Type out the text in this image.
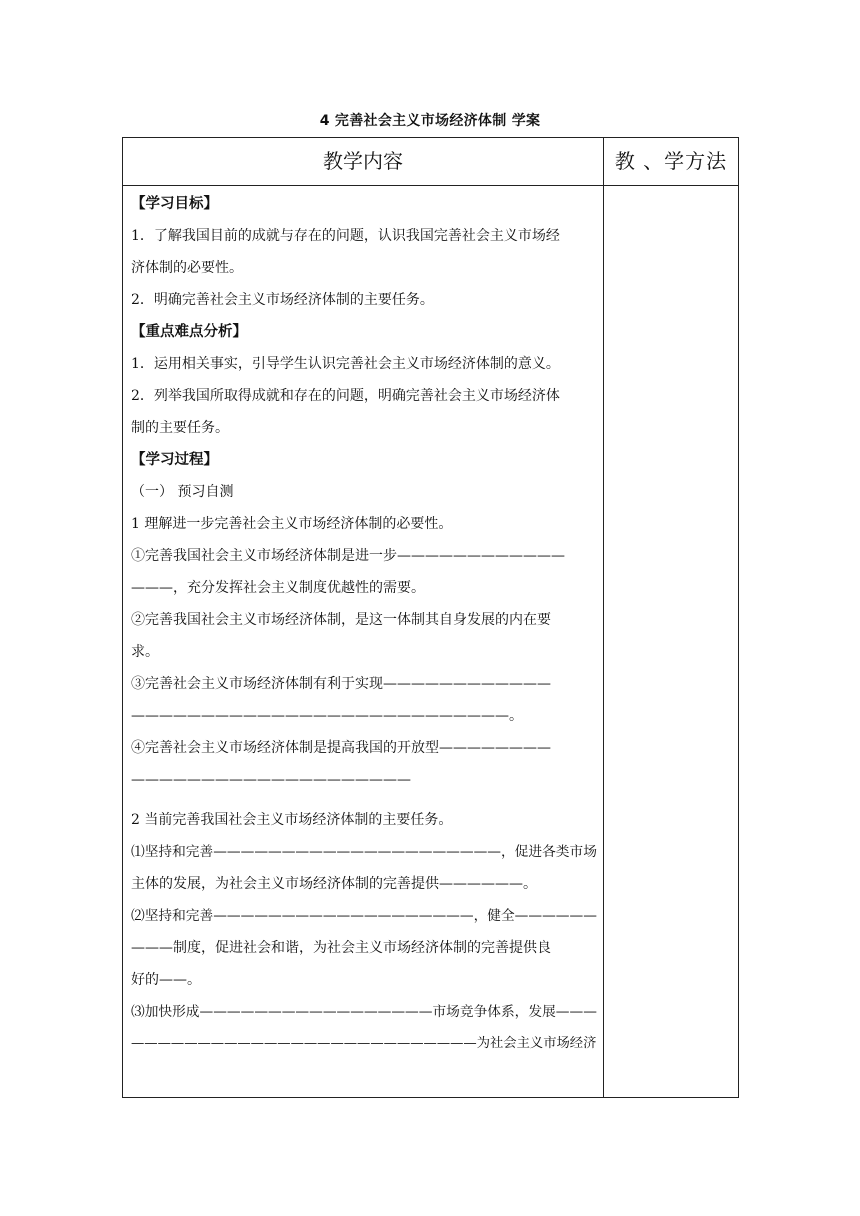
4 完善社会主义市场经济体制 学案
教学内容	教 、学方法

【学习目标】

1．了解我国目前的成就与存在的问题，认识我国完善社会主义市场经

济体制的必要性。

2．明确完善社会主义市场经济体制的主要任务。

【重点难点分析】

1．运用相关事实，引导学生认识完善社会主义市场经济体制的意义。

2．列举我国所取得成就和存在的问题，明确完善社会主义市场经济体

制的主要任务。

【学习过程】

（一） 预习自测

1 理解进一步完善社会主义市场经济体制的必要性。

①完善我国社会主义市场经济体制是进一步————————————

———，充分发挥社会主义制度优越性的需要。

②完善我国社会主义市场经济体制，是这一体制其自身发展的内在要

求。

③完善社会主义市场经济体制有利于实现————————————

———————————————————————————。

④完善社会主义市场经济体制是提高我国的开放型————————

————————————————————

2 当前完善我国社会主义市场经济体制的主要任务。

⑴坚持和完善—————————————————————，促进各类市场

主体的发展，为社会主义市场经济体制的完善提供——————。

⑵坚持和完善———————————————————，健全——————

———制度，促进社会和谐，为社会主义市场经济体制的完善提供良

好的——。

⑶加快形成—————————————————市场竞争体系，发展———

——————————————————————————为社会主义市场经济
